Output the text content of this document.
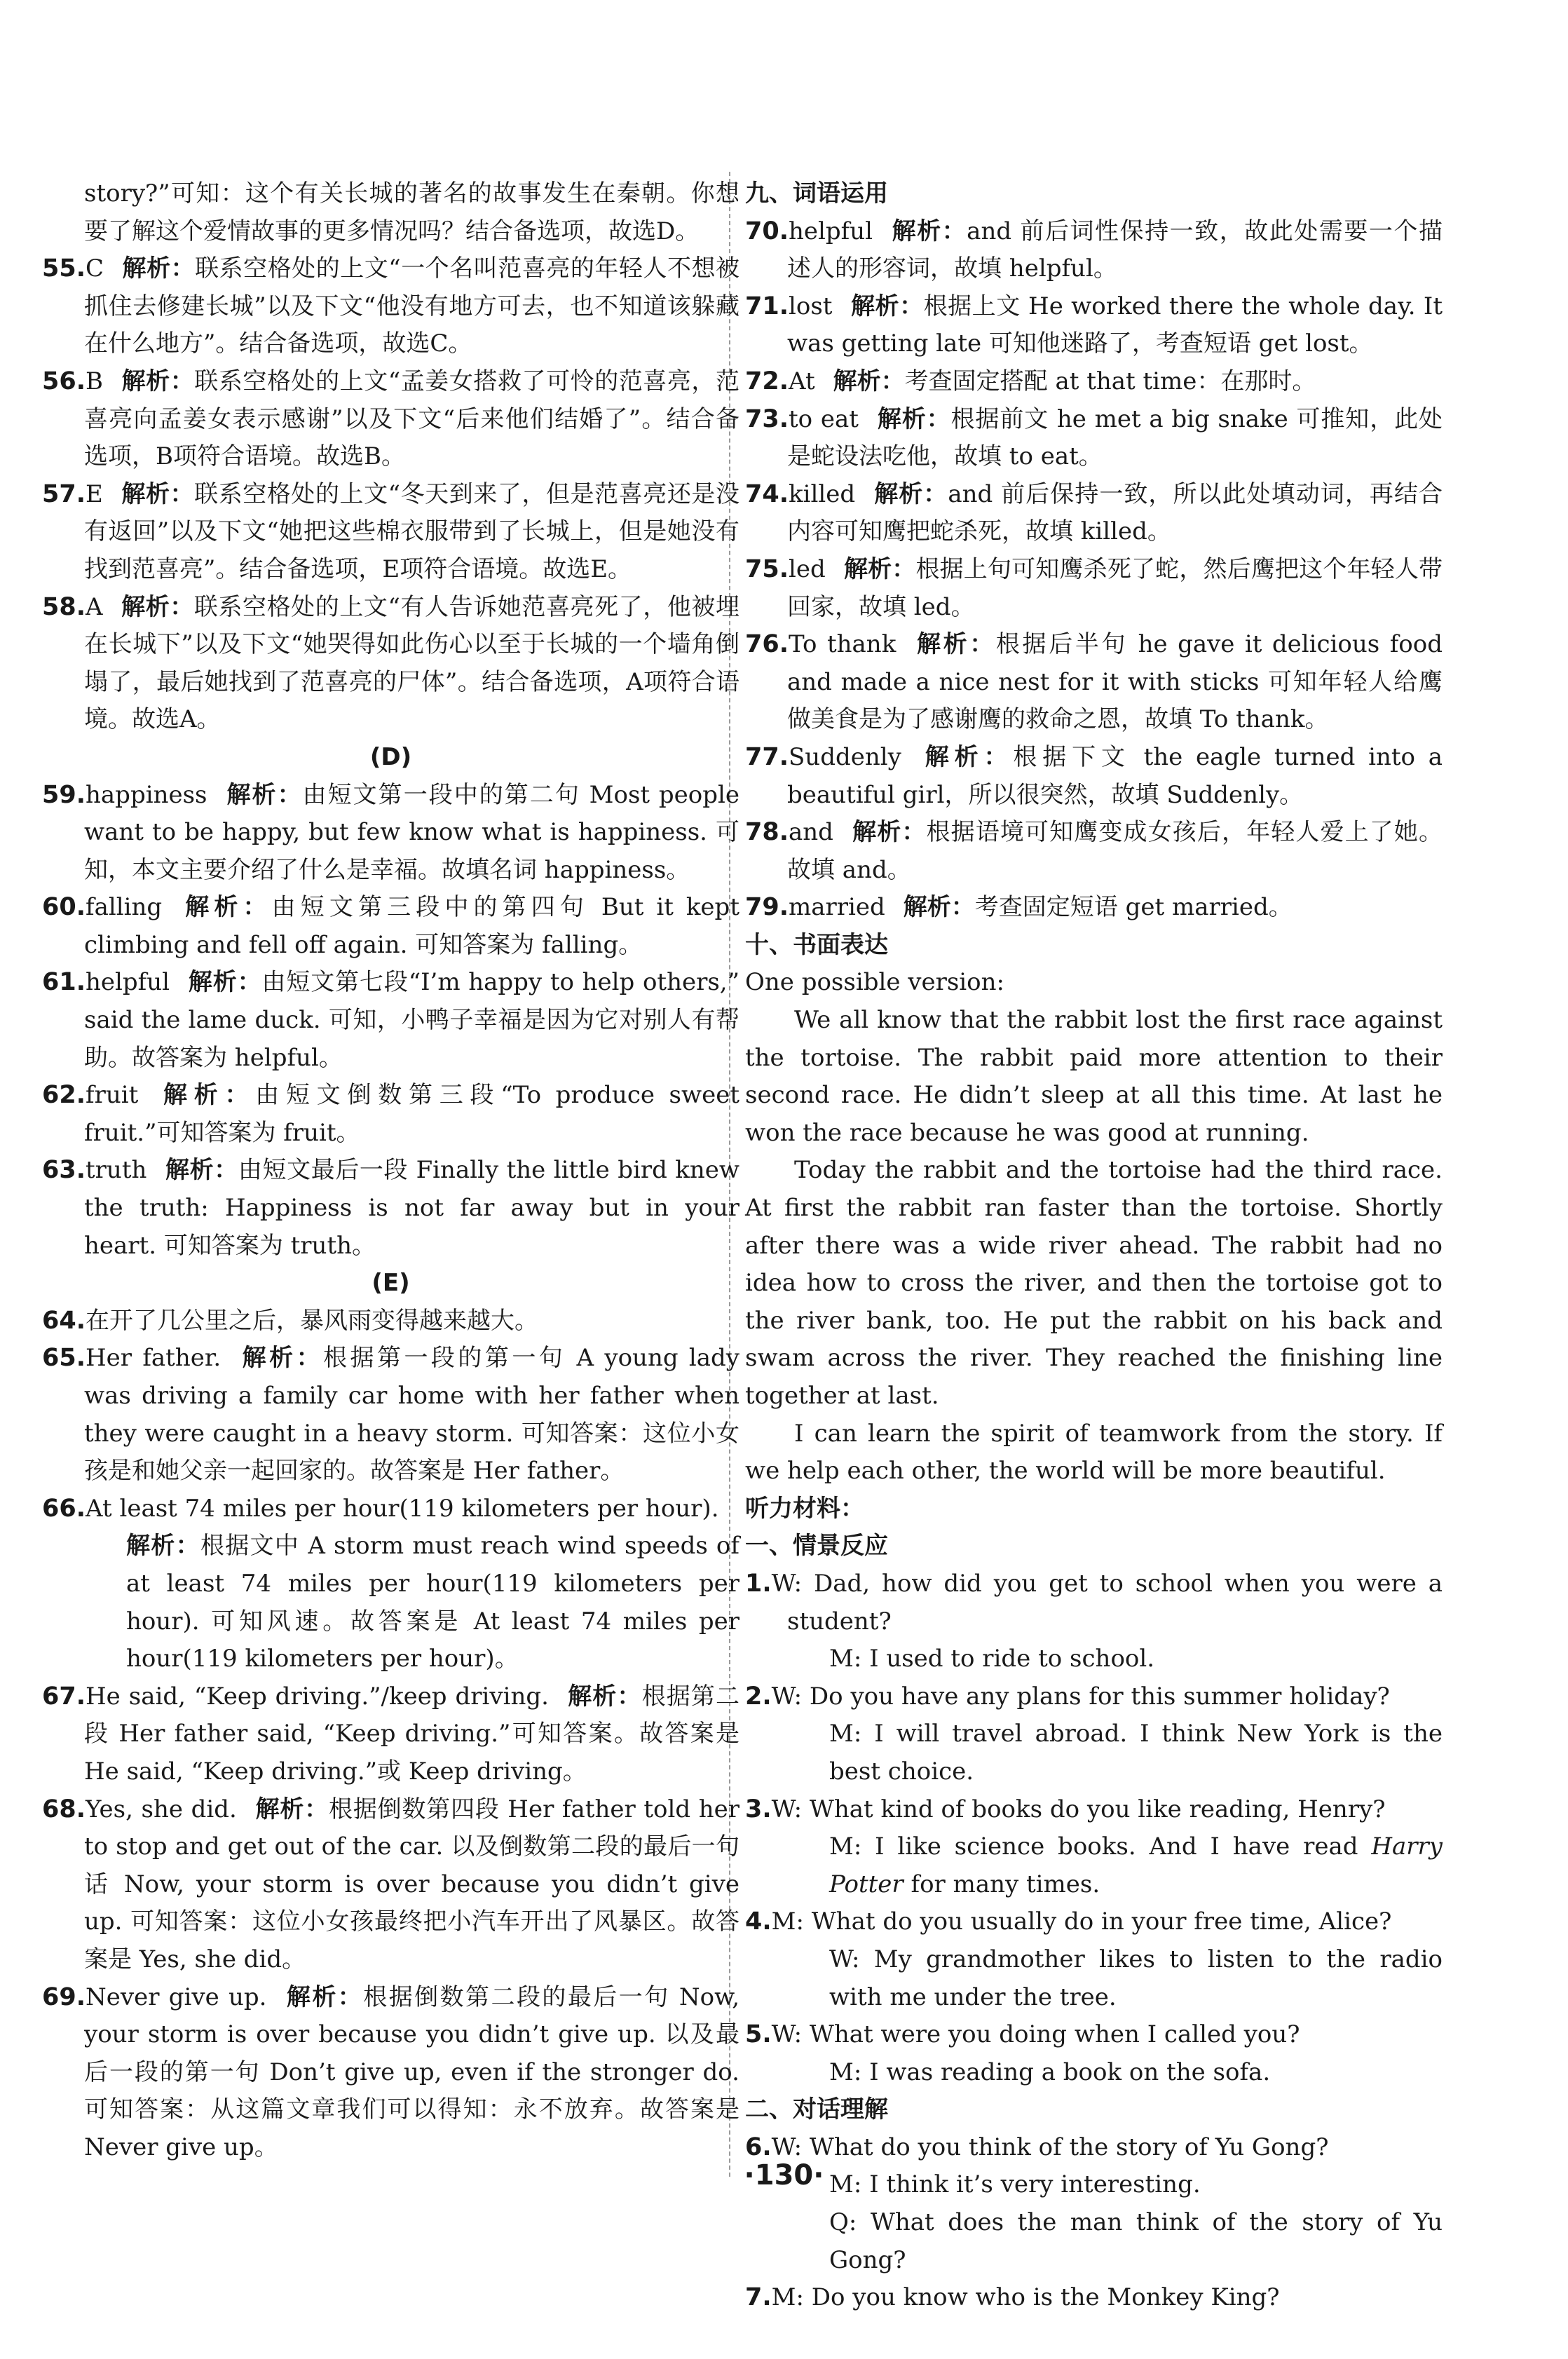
story?”可知：这个有关长城的著名的故事发生在秦朝。你想要了解这个爱情故事的更多情况吗？结合备选项，故选D。

55.C 解析：联系空格处的上文“一个名叫范喜亮的年轻人不想被抓住去修建长城”以及下文“他没有地方可去，也不知道该躲藏在什么地方”。结合备选项，故选C。

56.B 解析：联系空格处的上文“孟姜女搭救了可怜的范喜亮，范喜亮向孟姜女表示感谢”以及下文“后来他们结婚了”。结合备选项，B项符合语境。故选B。

57.E 解析：联系空格处的上文“冬天到来了，但是范喜亮还是没有返回”以及下文“她把这些棉衣服带到了长城上，但是她没有找到范喜亮”。结合备选项，E项符合语境。故选E。

58.A 解析：联系空格处的上文“有人告诉她范喜亮死了，他被埋在长城下”以及下文“她哭得如此伤心以至于长城的一个墙角倒塌了，最后她找到了范喜亮的尸体”。结合备选项，A项符合语境。故选A。

(D)

59.happiness 解析：由短文第一段中的第二句 Most people want to be happy, but few know what is happiness. 可知，本文主要介绍了什么是幸福。故填名词 happiness。

60.falling 解析：由短文第三段中的第四句 But it kept climbing and fell off again. 可知答案为 falling。

61.helpful 解析：由短文第七段“I’m happy to help others,” said the lame duck. 可知，小鸭子幸福是因为它对别人有帮助。故答案为 helpful。

62.fruit 解析：由短文倒数第三段“To produce sweet fruit.”可知答案为 fruit。

63.truth 解析：由短文最后一段 Finally the little bird knew the truth: Happiness is not far away but in your heart. 可知答案为 truth。

(E)

64.在开了几公里之后，暴风雨变得越来越大。

65.Her father. 解析：根据第一段的第一句 A young lady was driving a family car home with her father when they were caught in a heavy storm. 可知答案：这位小女孩是和她父亲一起回家的。故答案是 Her father。

66.At least 74 miles per hour(119 kilometers per hour).
解析：根据文中 A storm must reach wind speeds of at least 74 miles per hour(119 kilometers per hour). 可知风速。故答案是 At least 74 miles per hour(119 kilometers per hour)。

67.He said, “Keep driving.”/keep driving. 解析：根据第二段 Her father said, “Keep driving.”可知答案。故答案是 He said, “Keep driving.”或 Keep driving。

68.Yes, she did. 解析：根据倒数第四段 Her father told her to stop and get out of the car. 以及倒数第二段的最后一句话 Now, your storm is over because you didn’t give up. 可知答案：这位小女孩最终把小汽车开出了风暴区。故答案是 Yes, she did。

69.Never give up. 解析：根据倒数第二段的最后一句 Now, your storm is over because you didn’t give up. 以及最后一段的第一句 Don’t give up, even if the stronger do. 可知答案：从这篇文章我们可以得知：永不放弃。故答案是 Never give up。

九、词语运用

70.helpful 解析：and 前后词性保持一致，故此处需要一个描述人的形容词，故填 helpful。

71.lost 解析：根据上文 He worked there the whole day. It was getting late 可知他迷路了，考查短语 get lost。

72.At 解析：考查固定搭配 at that time：在那时。

73.to eat 解析：根据前文 he met a big snake 可推知，此处是蛇设法吃他，故填 to eat。

74.killed 解析：and 前后保持一致，所以此处填动词，再结合内容可知鹰把蛇杀死，故填 killed。

75.led 解析：根据上句可知鹰杀死了蛇，然后鹰把这个年轻人带回家，故填 led。

76.To thank 解析：根据后半句 he gave it delicious food and made a nice nest for it with sticks 可知年轻人给鹰做美食是为了感谢鹰的救命之恩，故填 To thank。

77.Suddenly 解析：根据下文 the eagle turned into a beautiful girl，所以很突然，故填 Suddenly。

78.and 解析：根据语境可知鹰变成女孩后，年轻人爱上了她。故填 and。

79.married 解析：考查固定短语 get married。

十、书面表达

One possible version:

We all know that the rabbit lost the first race against the tortoise. The rabbit paid more attention to their second race. He didn’t sleep at all this time. At last he won the race because he was good at running.

Today the rabbit and the tortoise had the third race. At first the rabbit ran faster than the tortoise. Shortly after there was a wide river ahead. The rabbit had no idea how to cross the river, and then the tortoise got to the river bank, too. He put the rabbit on his back and swam across the river. They reached the finishing line together at last.

I can learn the spirit of teamwork from the story. If we help each other, the world will be more beautiful.

听力材料：

一、情景反应

1.W: Dad, how did you get to school when you were a student?
M: I used to ride to school.

2.W: Do you have any plans for this summer holiday?
M: I will travel abroad. I think New York is the best choice.

3.W: What kind of books do you like reading, Henry?
M: I like science books. And I have read Harry Potter for many times.

4.M: What do you usually do in your free time, Alice?
W: My grandmother likes to listen to the radio with me under the tree.

5.W: What were you doing when I called you?
M: I was reading a book on the sofa.

二、对话理解

6.W: What do you think of the story of Yu Gong?
M: I think it’s very interesting.
Q: What does the man think of the story of Yu Gong?

7.M: Do you know who is the Monkey King?

·130·
